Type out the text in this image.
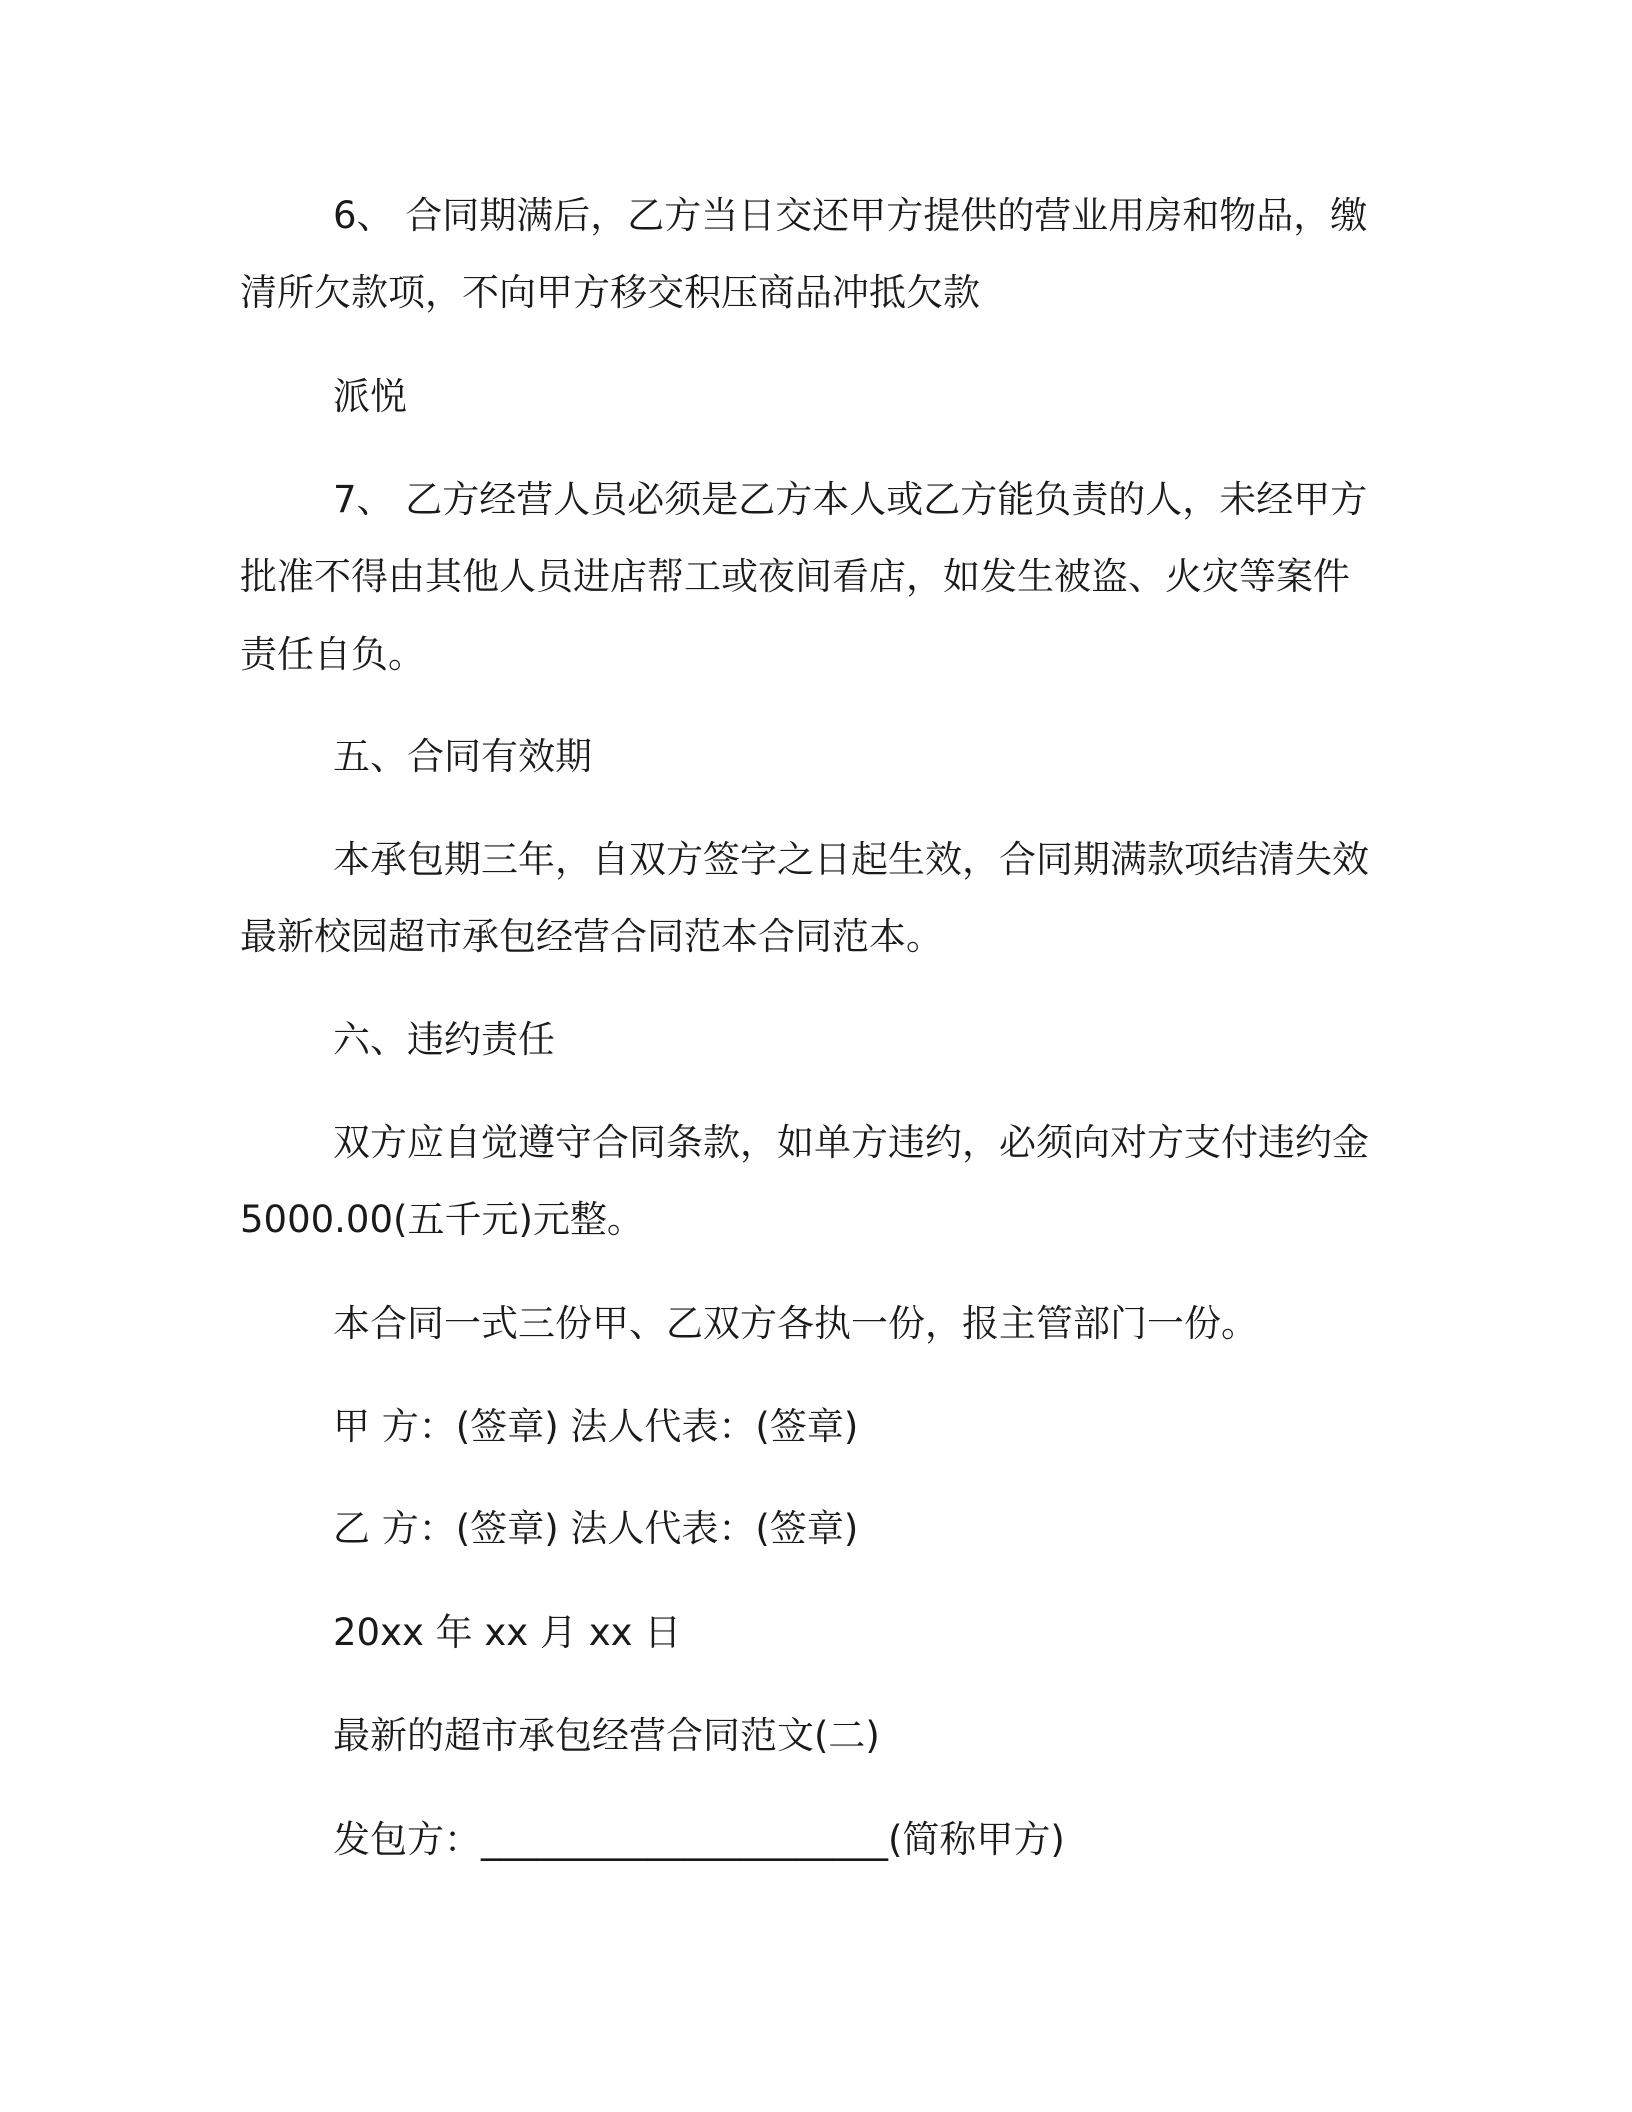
6、 合同期满后，乙方当日交还甲方提供的营业用房和物品，缴

清所欠款项，不向甲方移交积压商品冲抵欠款

派悦

7、 乙方经营人员必须是乙方本人或乙方能负责的人，未经甲方

批准不得由其他人员进店帮工或夜间看店，如发生被盗、火灾等案件

责任自负。

五、合同有效期

本承包期三年，自双方签字之日起生效，合同期满款项结清失效

最新校园超市承包经营合同范本合同范本。

六、违约责任

双方应自觉遵守合同条款，如单方违约，必须向对方支付违约金

5000.00(五千元)元整。

本合同一式三份甲、乙双方各执一份，报主管部门一份。

甲 方：(签章) 法人代表：(签章)

乙 方：(签章) 法人代表：(签章)

20xx 年 xx 月 xx 日

最新的超市承包经营合同范文(二)

发包方：______________________(简称甲方)
